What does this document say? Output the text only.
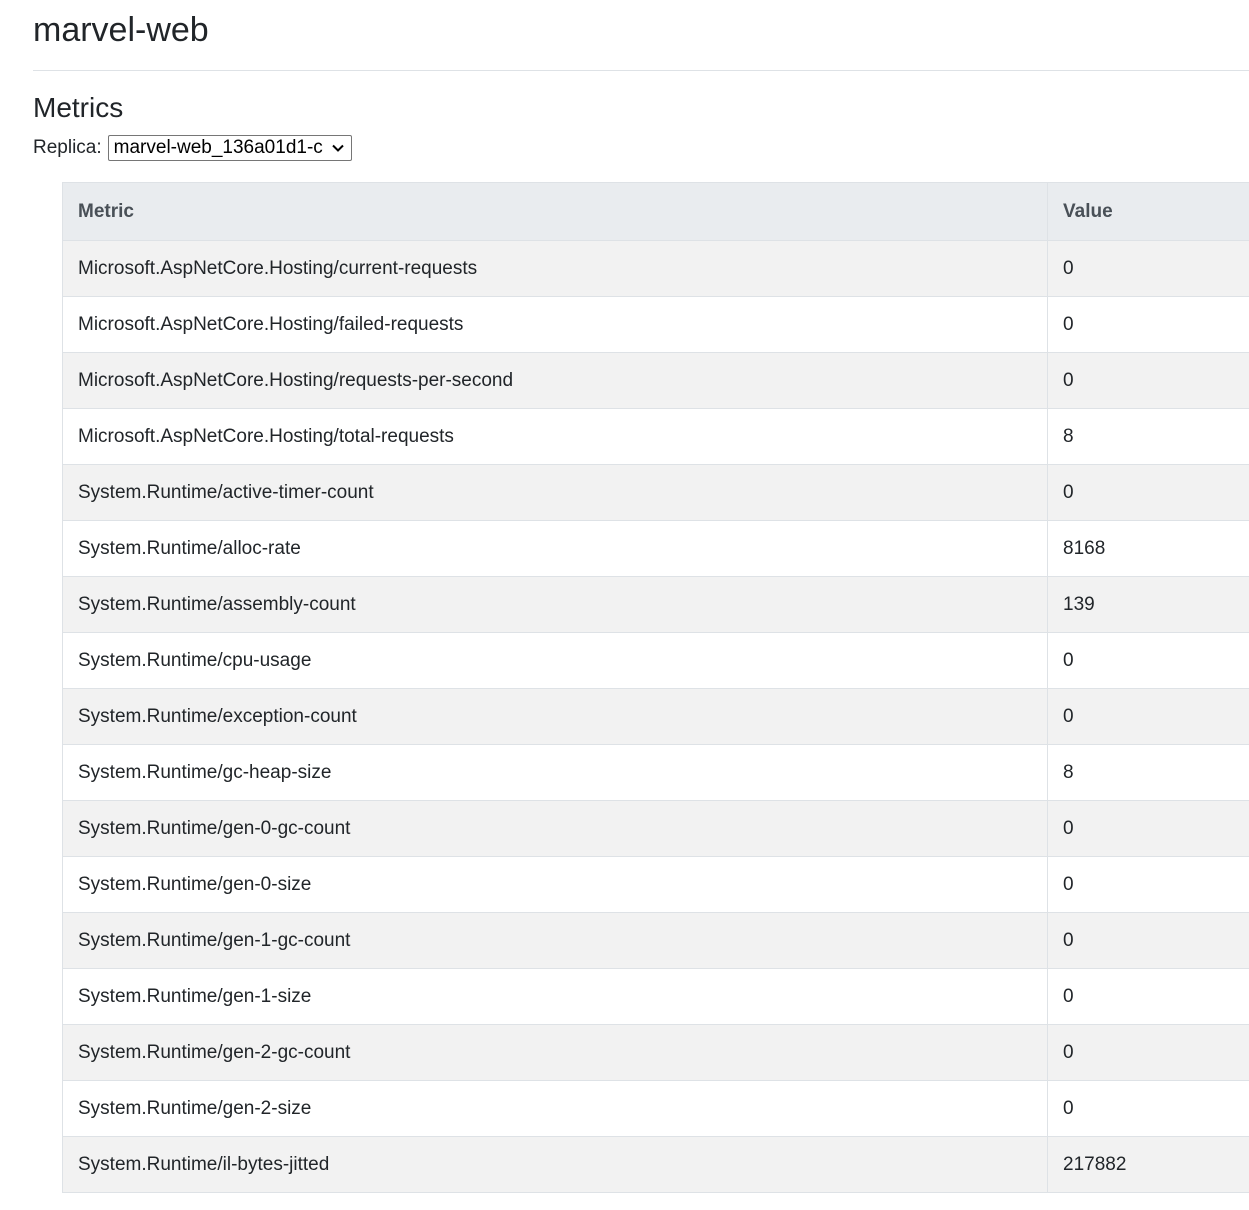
marvel-web
Metrics
Replica: marvel-web_136a01d1-c
Metric	Value
Microsoft.AspNetCore.Hosting/current-requests	0
Microsoft.AspNetCore.Hosting/failed-requests	0
Microsoft.AspNetCore.Hosting/requests-per-second	0
Microsoft.AspNetCore.Hosting/total-requests	8
System.Runtime/active-timer-count	0
System.Runtime/alloc-rate	8168
System.Runtime/assembly-count	139
System.Runtime/cpu-usage	0
System.Runtime/exception-count	0
System.Runtime/gc-heap-size	8
System.Runtime/gen-0-gc-count	0
System.Runtime/gen-0-size	0
System.Runtime/gen-1-gc-count	0
System.Runtime/gen-1-size	0
System.Runtime/gen-2-gc-count	0
System.Runtime/gen-2-size	0
System.Runtime/il-bytes-jitted	217882
